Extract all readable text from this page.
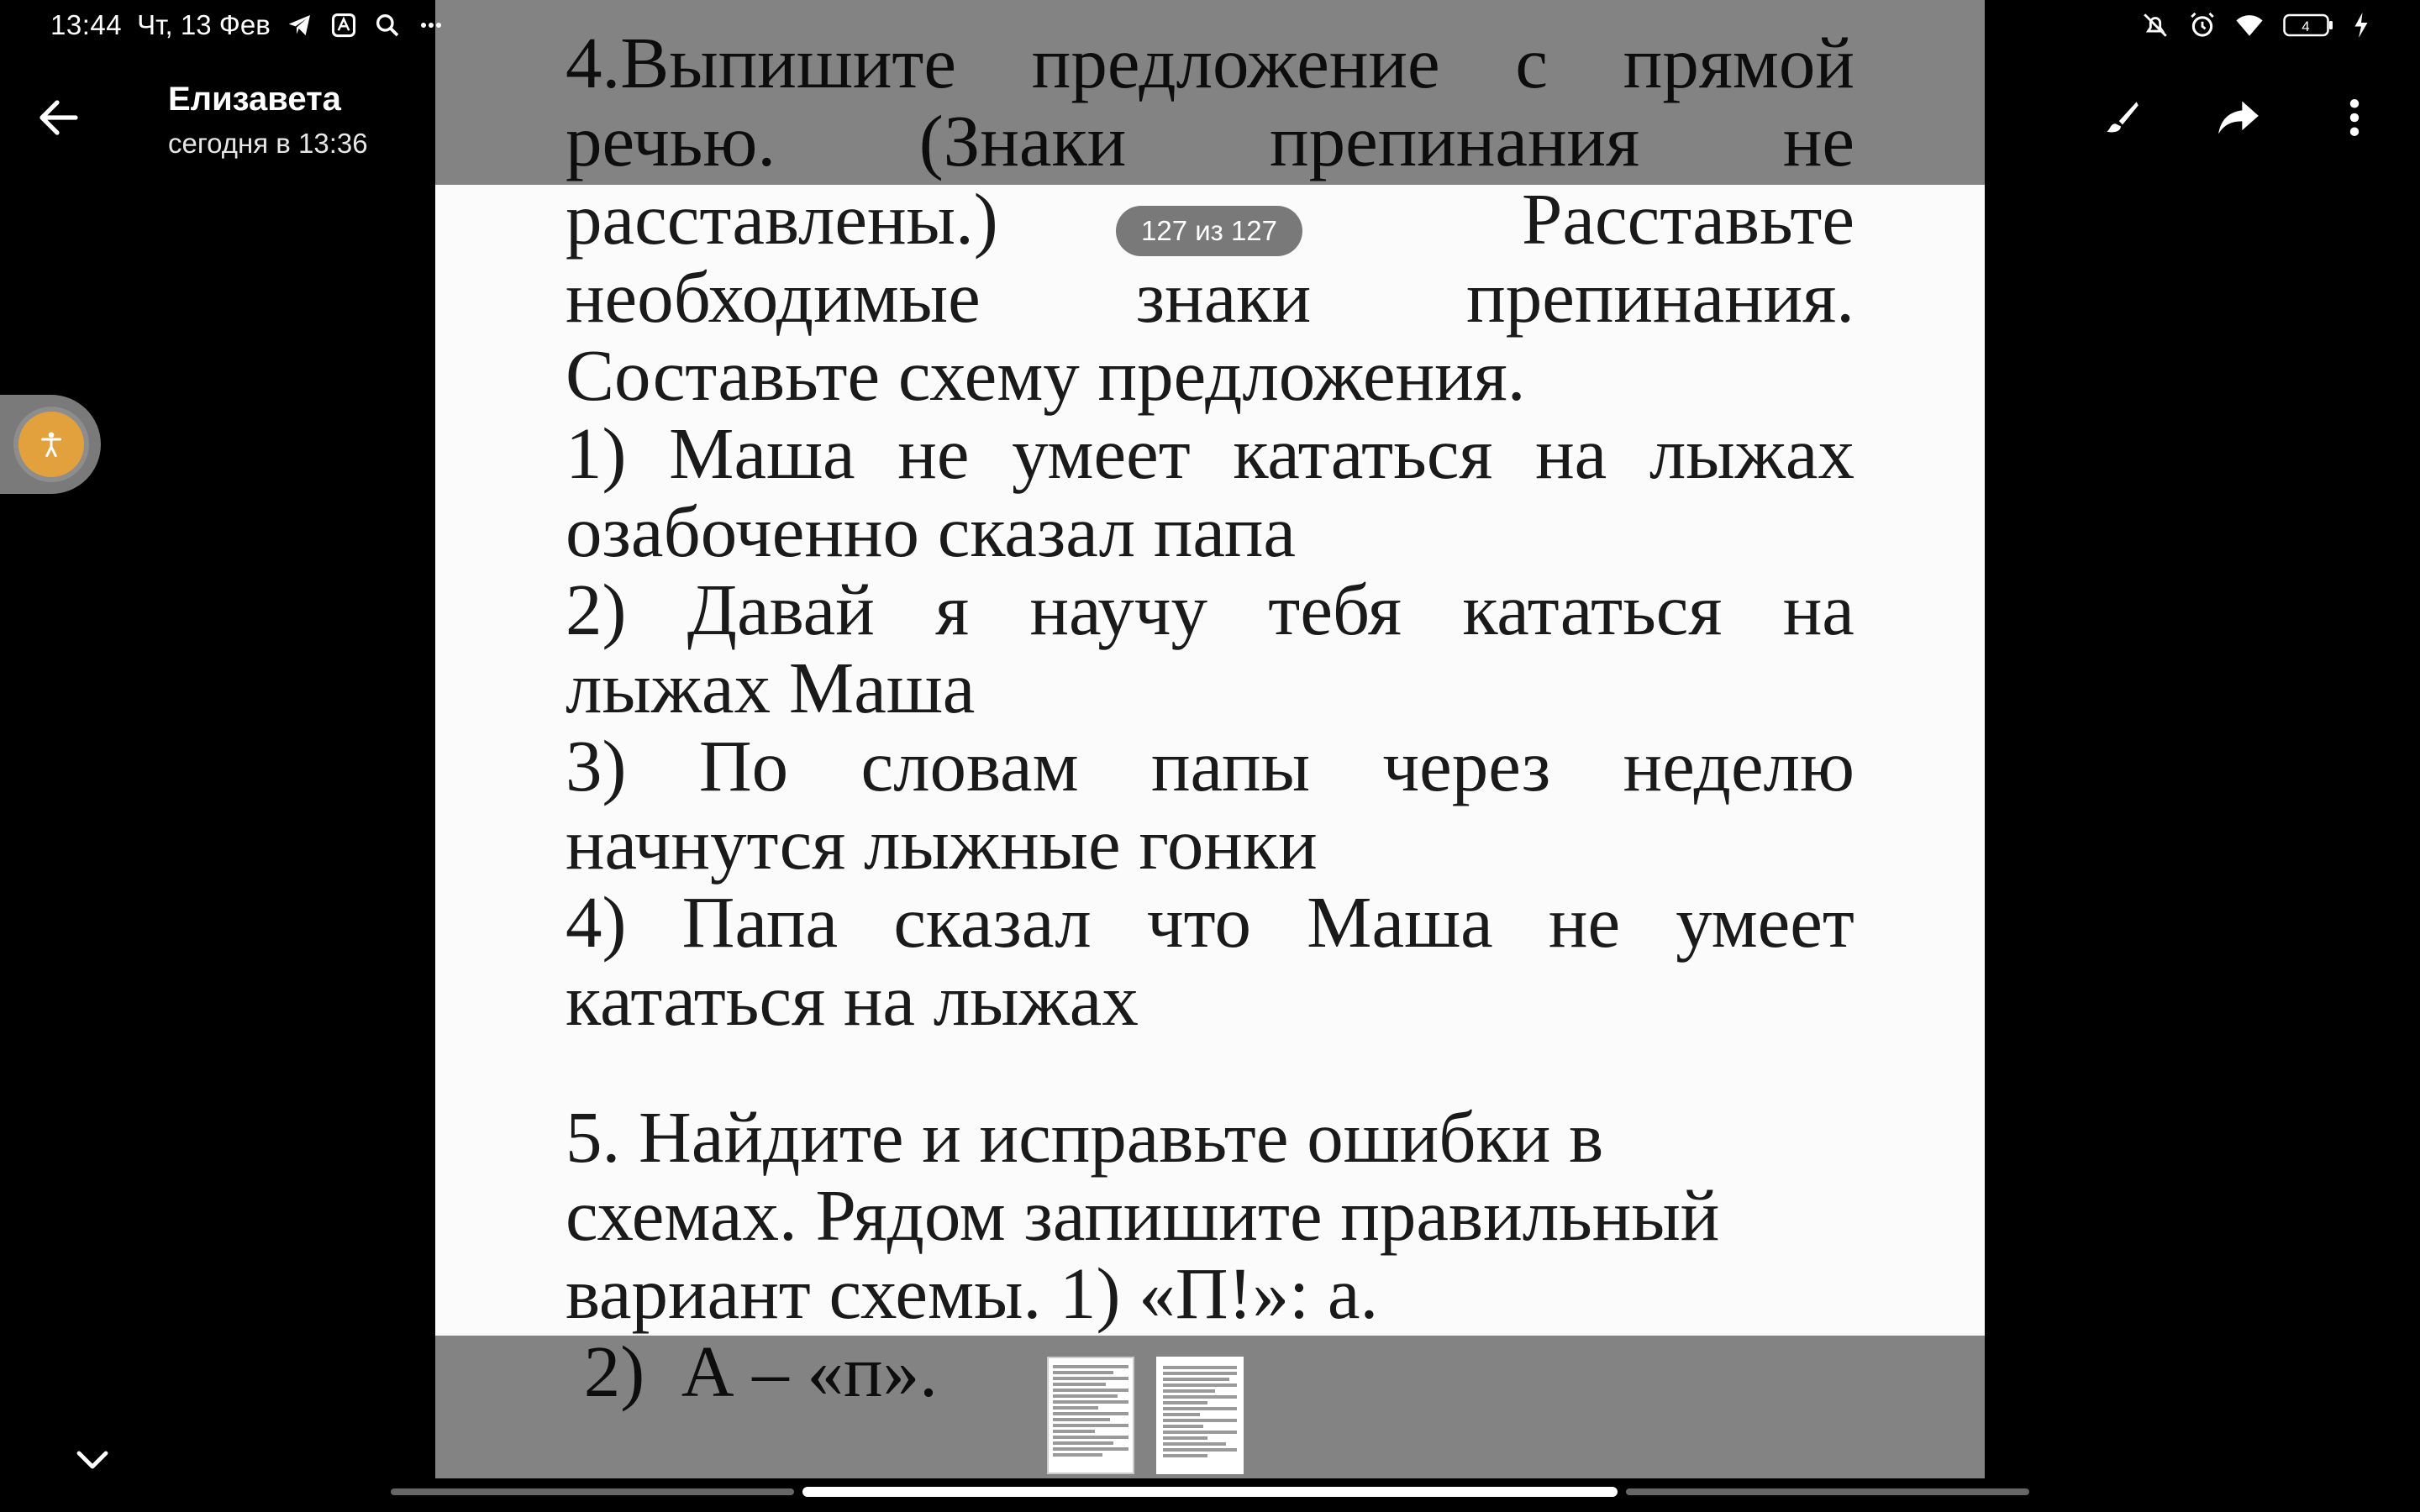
4.Выпишите предложение с прямой
речью. (Знаки препинания не
расставлены.)	Расставьте
необходимые знаки препинания.
Составьте схему предложения.
1) Маша не умеет кататься на лыжах
озабоченно сказал папа
2) Давай я научу тебя кататься на
лыжах Маша
3) По словам папы через неделю
начнутся лыжные гонки
4) Папа сказал что Маша не умеет
кататься на лыжах
5. Найдите и исправьте ошибки в
схемах. Рядом запишите правильный
вариант схемы. 1) «П!»: а.
2)  А – «п».
13:44 Чт, 13 Фев	4
Елизавета
сегодня в 13:36
127 из 127
